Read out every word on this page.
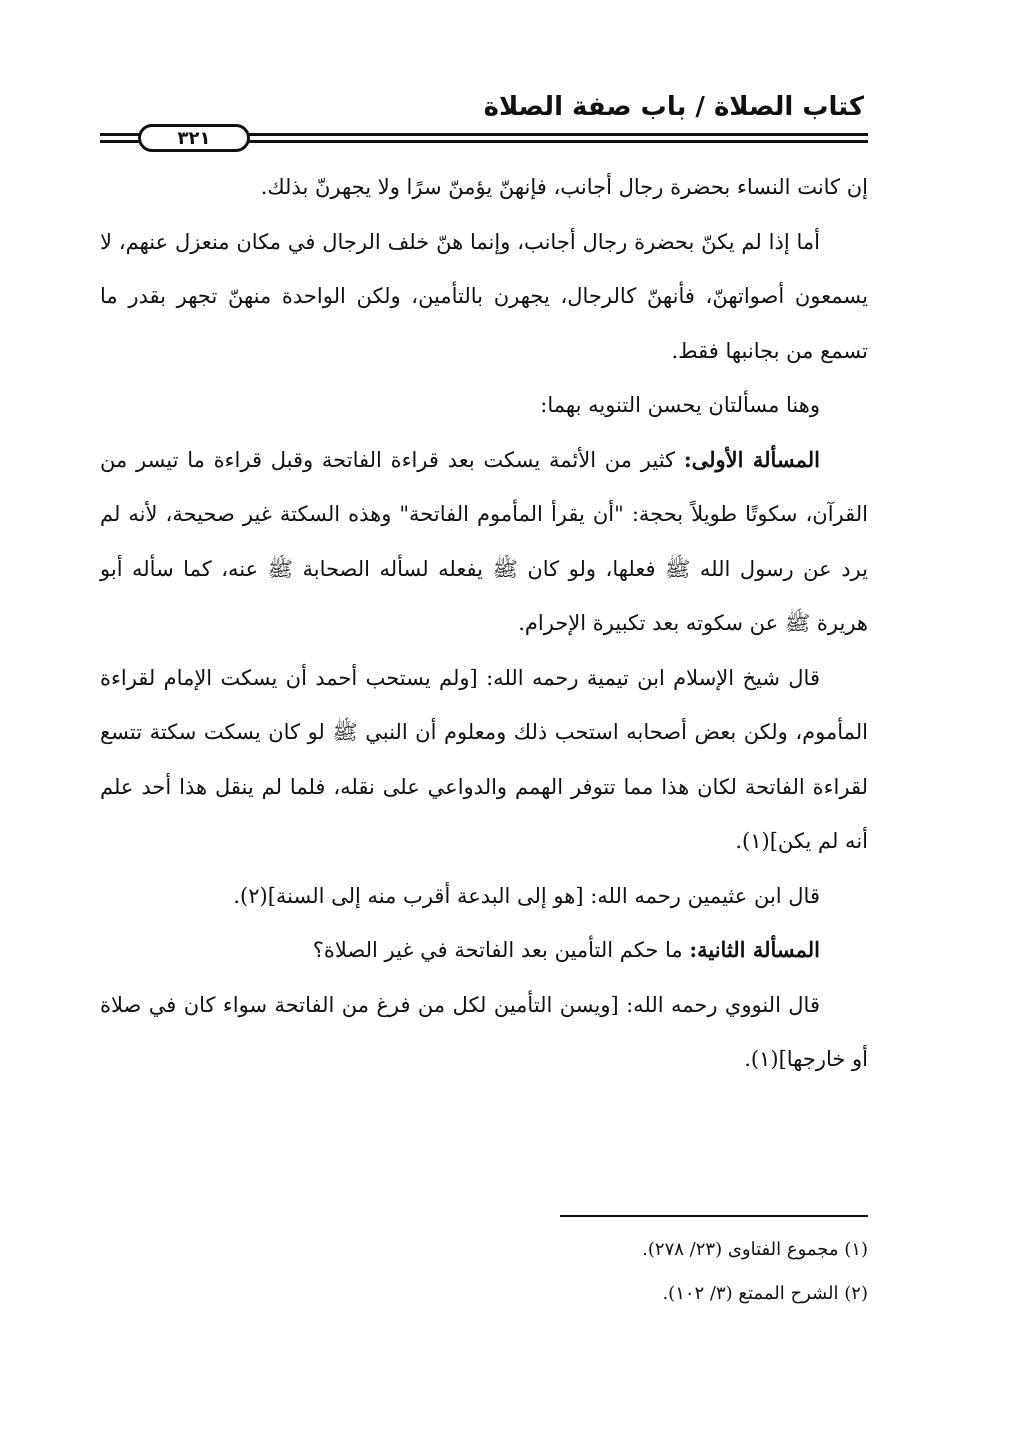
كتاب الصلاة / باب صفة الصلاة
٣٢١

إن كانت النساء بحضرة رجال أجانب، فإنهنّ يؤمنّ سرًا ولا يجهرنّ بذلك.

أما إذا لم يكنّ بحضرة رجال أجانب، وإنما هنّ خلف الرجال في مكان منعزل عنهم، لا يسمعون أصواتهنّ، فأنهنّ كالرجال، يجهرن بالتأمين، ولكن الواحدة منهنّ تجهر بقدر ما تسمع من بجانبها فقط.

وهنا مسألتان يحسن التنويه بهما:

المسألة الأولى: كثير من الأئمة يسكت بعد قراءة الفاتحة وقبل قراءة ما تيسر من القرآن، سكوتًا طويلاً بحجة: "أن يقرأ المأموم الفاتحة" وهذه السكتة غير صحيحة، لأنه لم يرد عن رسول الله ﷺ فعلها، ولو كان ﷺ يفعله لسأله الصحابة ﷺ عنه، كما سأله أبو هريرة ﷺ عن سكوته بعد تكبيرة الإحرام.

قال شيخ الإسلام ابن تيمية رحمه الله: [ولم يستحب أحمد أن يسكت الإمام لقراءة المأموم، ولكن بعض أصحابه استحب ذلك ومعلوم أن النبي ﷺ لو كان يسكت سكتة تتسع لقراءة الفاتحة لكان هذا مما تتوفر الهمم والدواعي على نقله، فلما لم ينقل هذا أحد علم أنه لم يكن](١).

قال ابن عثيمين رحمه الله: [هو إلى البدعة أقرب منه إلى السنة](٢).

المسألة الثانية: ما حكم التأمين بعد الفاتحة في غير الصلاة؟

قال النووي رحمه الله: [ويسن التأمين لكل من فرغ من الفاتحة سواء كان في صلاة أو خارجها](١).

(١) مجموع الفتاوى (٢٣/ ٢٧٨).

(٢) الشرح الممتع (٣/ ١٠٢).
